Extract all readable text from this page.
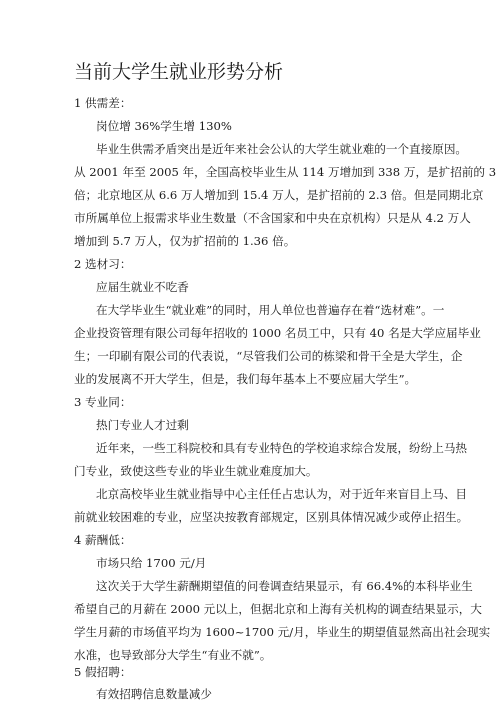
当前大学生就业形势分析
1 供需差：
岗位增 36%学生增 130%
毕业生供需矛盾突出是近年来社会公认的大学生就业难的一个直接原因。
从 2001 年至 2005 年，全国高校毕业生从 114 万增加到 338 万，是扩招前的 3
倍；北京地区从 6.6 万人增加到 15.4 万人，是扩招前的 2.3 倍。但是同期北京
市所属单位上报需求毕业生数量（不含国家和中央在京机构）只是从 4.2 万人
增加到 5.7 万人，仅为扩招前的 1.36 倍。
2 选材习：
应届生就业不吃香
在大学毕业生“就业难”的同时，用人单位也普遍存在着“选材难”。一
企业投资管理有限公司每年招收的 1000 名员工中，只有 40 名是大学应届毕业
生；一印刷有限公司的代表说，“尽管我们公司的栋梁和骨干全是大学生，企
业的发展离不开大学生，但是，我们每年基本上不要应届大学生”。
3 专业同：
热门专业人才过剩
近年来，一些工科院校和具有专业特色的学校追求综合发展，纷纷上马热
门专业，致使这些专业的毕业生就业难度加大。
北京高校毕业生就业指导中心主任任占忠认为，对于近年来盲目上马、目
前就业较困难的专业，应坚决按教育部规定，区别具体情况减少或停止招生。
4 薪酬低：
市场只给 1700 元/月
这次关于大学生薪酬期望值的问卷调查结果显示，有 66.4%的本科毕业生
希望自己的月薪在 2000 元以上，但据北京和上海有关机构的调查结果显示，大
学生月薪的市场值平均为 1600~1700 元/月，毕业生的期望值显然高出社会现实
水准，也导致部分大学生“有业不就”。
5 假招聘：
有效招聘信息数量减少
